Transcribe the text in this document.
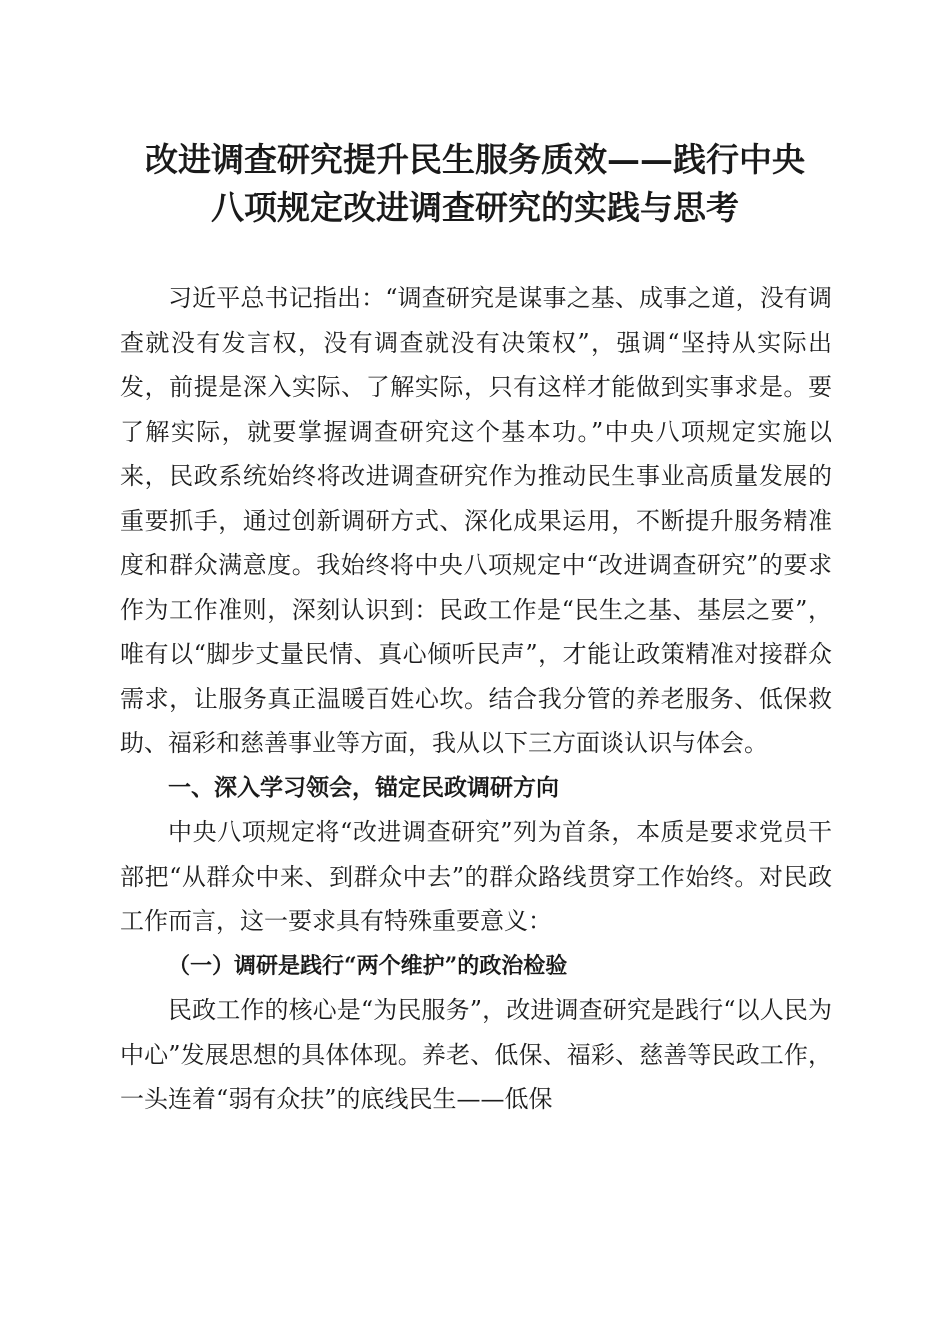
改进调查研究提升民生服务质效——践行中央
八项规定改进调查研究的实践与思考

习近平总书记指出：“调查研究是谋事之基、成事之道，没有调查就没有发言权，没有调查就没有决策权”，强调“坚持从实际出发，前提是深入实际、了解实际，只有这样才能做到实事求是。要了解实际，就要掌握调查研究这个基本功。”中央八项规定实施以来，民政系统始终将改进调查研究作为推动民生事业高质量发展的重要抓手，通过创新调研方式、深化成果运用，不断提升服务精准度和群众满意度。我始终将中央八项规定中“改进调查研究”的要求作为工作准则，深刻认识到：民政工作是“民生之基、基层之要”，唯有以“脚步丈量民情、真心倾听民声”，才能让政策精准对接群众需求，让服务真正温暖百姓心坎。结合我分管的养老服务、低保救助、福彩和慈善事业等方面，我从以下三方面谈认识与体会。

一、深入学习领会，锚定民政调研方向

中央八项规定将“改进调查研究”列为首条，本质是要求党员干部把“从群众中来、到群众中去”的群众路线贯穿工作始终。对民政工作而言，这一要求具有特殊重要意义：

（一）调研是践行“两个维护”的政治检验

民政工作的核心是“为民服务”，改进调查研究是践行“以人民为中心”发展思想的具体体现。养老、低保、福彩、慈善等民政工作，一头连着“弱有众扶”的底线民生——低保
